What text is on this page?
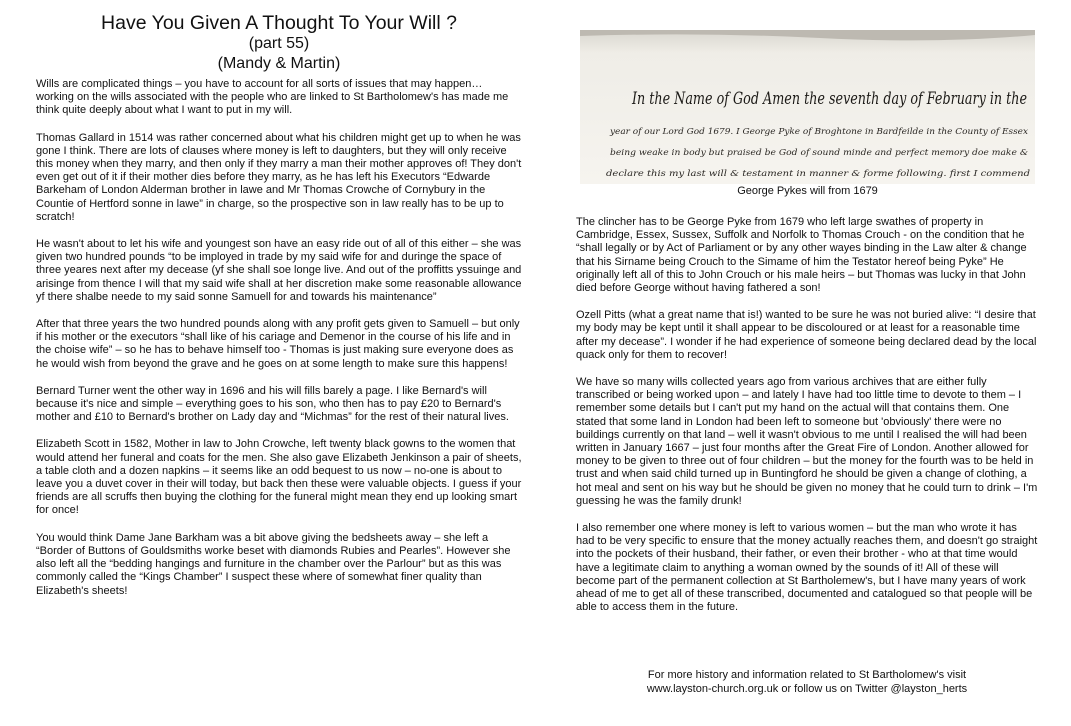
Have You Given A Thought To Your Will ?
(part 55)
(Mandy & Martin)

Wills are complicated things – you have to account for all sorts of issues that may happen… working on the wills associated with the people who are linked to St Bartholomew's has made me think quite deeply about what I want to put in my will.

Thomas Gallard in 1514 was rather concerned about what his children might get up to when he was gone I think. There are lots of clauses where money is left to daughters, but they will only receive this money when they marry, and then only if they marry a man their mother approves of! They don't even get out of it if their mother dies before they marry, as he has left his Executors “Edwarde Barkeham of London Alderman brother in lawe and Mr Thomas Crowche of Cornybury in the Countie of Hertford sonne in lawe” in charge, so the prospective son in law really has to be up to scratch!

He wasn't about to let his wife and youngest son have an easy ride out of all of this either – she was given two hundred pounds “to be imployed in trade by my said wife for and duringe the space of three yeares next after my decease (yf she shall soe longe live. And out of the proffitts yssuinge and arisinge from thence I will that my said wife shall at her discretion make some reasonable allowance yf there shalbe neede to my said sonne Samuell for and towards his maintenance”

After that three years the two hundred pounds along with any profit gets given to Samuell – but only if his mother or the executors “shall like of his cariage and Demenor in the course of his life and in the choise wife” – so he has to behave himself too - Thomas is just making sure everyone does as he would wish from beyond the grave and he goes on at some length to make sure this happens!

Bernard Turner went the other way in 1696 and his will fills barely a page. I like Bernard's will because it's nice and simple – everything goes to his son, who then has to pay £20 to Bernard's mother and £10 to Bernard's brother on Lady day and “Michmas” for the rest of their natural lives.

Elizabeth Scott in 1582, Mother in law to John Crowche, left twenty black gowns to the women that would attend her funeral and coats for the men. She also gave Elizabeth Jenkinson a pair of sheets, a table cloth and a dozen napkins – it seems like an odd bequest to us now – no-one is about to leave you a duvet cover in their will today, but back then these were valuable objects. I guess if your friends are all scruffs then buying the clothing for the funeral might mean they end up looking smart for once!

You would think Dame Jane Barkham was a bit above giving the bedsheets away – she left a “Border of Buttons of Gouldsmiths worke beset with diamonds Rubies and Pearles”. However she also left all the “bedding hangings and furniture in the chamber over the Parlour” but as this was commonly called the “Kings Chamber” I suspect these where of somewhat finer quality than Elizabeth's sheets!

In the Name of God Amen the seventh day of February in the
year of our Lord God 1679. I George Pyke of Broghtone in Bardfeilde in the County of Essex
being weake in body but praised be God of sound minde and perfect memory doe make &
declare this my last will & testament in manner & forme following. first I commend
George Pykes will from 1679

The clincher has to be George Pyke from 1679 who left large swathes of property in Cambridge, Essex, Sussex, Suffolk and Norfolk to Thomas Crouch - on the condition that he “shall legally or by Act of Parliament or by any other wayes binding in the Law alter & change that his Sirname being Crouch to the Simame of him the Testator hereof being Pyke” He originally left all of this to John Crouch or his male heirs – but Thomas was lucky in that John died before George without having fathered a son!

Ozell Pitts (what a great name that is!) wanted to be sure he was not buried alive: “I desire that my body may be kept until it shall appear to be discoloured or at least for a reasonable time after my decease”. I wonder if he had experience of someone being declared dead by the local quack only for them to recover!

We have so many wills collected years ago from various archives that are either fully transcribed or being worked upon – and lately I have had too little time to devote to them – I remember some details but I can't put my hand on the actual will that contains them. One stated that some land in London had been left to someone but 'obviously' there were no buildings currently on that land – well it wasn't obvious to me until I realised the will had been written in January 1667 – just four months after the Great Fire of London. Another allowed for money to be given to three out of four children – but the money for the fourth was to be held in trust and when said child turned up in Buntingford he should be given a change of clothing, a hot meal and sent on his way but he should be given no money that he could turn to drink – I'm guessing he was the family drunk!

I also remember one where money is left to various women – but the man who wrote it has had to be very specific to ensure that the money actually reaches them, and doesn't go straight into the pockets of their husband, their father, or even their brother - who at that time would have a legitimate claim to anything a woman owned by the sounds of it! All of these will become part of the permanent collection at St Bartholemew's, but I have many years of work ahead of me to get all of these transcribed, documented and catalogued so that people will be able to access them in the future.

For more history and information related to St Bartholomew's visit
www.layston-church.org.uk or follow us on Twitter @layston_herts
